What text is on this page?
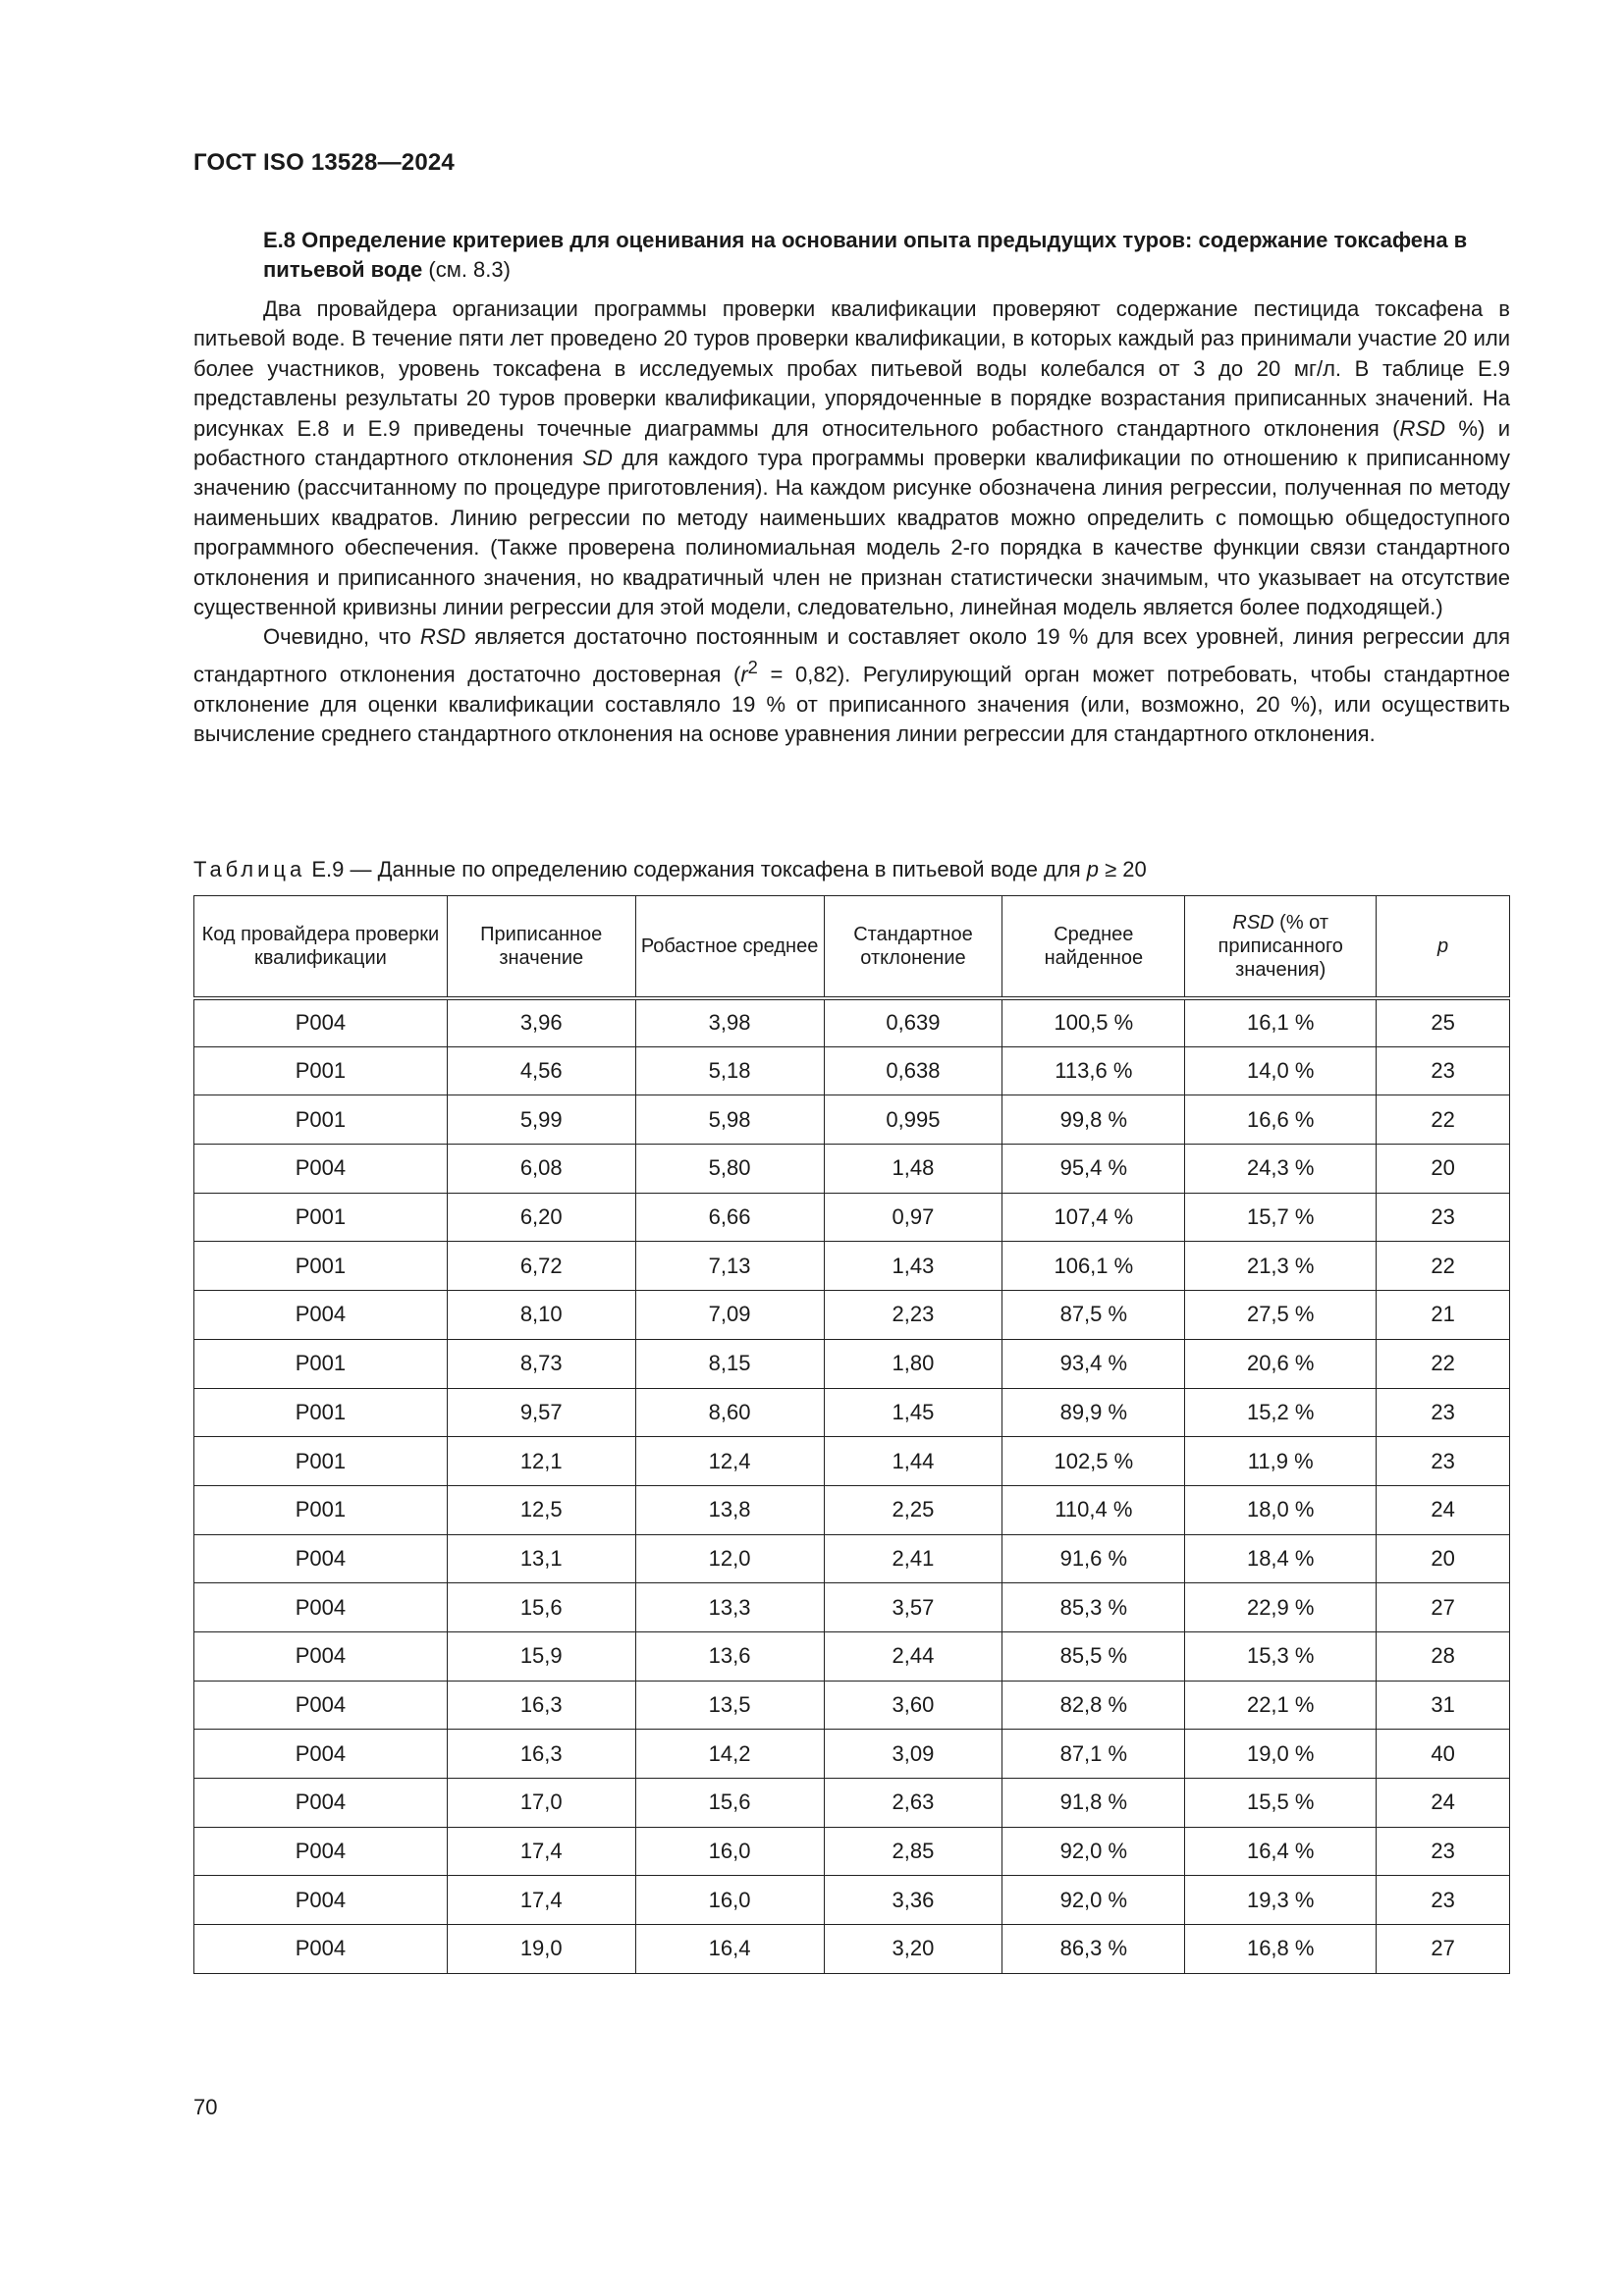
ГОСТ ISO 13528—2024
Е.8 Определение критериев для оценивания на основании опыта предыдущих туров: содержание токсафена в питьевой воде (см. 8.3)

Два провайдера организации программы проверки квалификации проверяют содержание пестицида токсафена в питьевой воде. В течение пяти лет проведено 20 туров проверки квалификации, в которых каждый раз принимали участие 20 или более участников, уровень токсафена в исследуемых пробах питьевой воды колебался от 3 до 20 мг/л. В таблице Е.9 представлены результаты 20 туров проверки квалификации, упорядоченные в порядке возрастания приписанных значений. На рисунках Е.8 и Е.9 приведены точечные диаграммы для относительного робастного стандартного отклонения (RSD %) и робастного стандартного отклонения SD для каждого тура программы проверки квалификации по отношению к приписанному значению (рассчитанному по процедуре приготовления). На каждом рисунке обозначена линия регрессии, полученная по методу наименьших квадратов. Линию регрессии по методу наименьших квадратов можно определить с помощью общедоступного программного обеспечения. (Также проверена полиномиальная модель 2-го порядка в качестве функции связи стандартного отклонения и приписанного значения, но квадратичный член не признан статистически значимым, что указывает на отсутствие существенной кривизны линии регрессии для этой модели, следовательно, линейная модель является более подходящей.)

Очевидно, что RSD является достаточно постоянным и составляет около 19 % для всех уровней, линия регрессии для стандартного отклонения достаточно достоверная $(r^2 = 0,82)$. Регулирующий орган может потребовать, чтобы стандартное отклонение для оценки квалификации составляло 19 % от приписанного значения (или, возможно, 20 %), или осуществить вычисление среднего стандартного отклонения на основе уравнения линии регрессии для стандартного отклонения.

Таблица Е.9 — Данные по определению содержания токсафена в питьевой воде для p ≥ 20
Код провайдера проверки квалификации	Приписанное значение	Робастное среднее	Стандартное отклонение	Среднее найденное	RSD (% от приписанного значения)	p
P004	3,96	3,98	0,639	100,5 %	16,1 %	25
P001	4,56	5,18	0,638	113,6 %	14,0 %	23
P001	5,99	5,98	0,995	99,8 %	16,6 %	22
P004	6,08	5,80	1,48	95,4 %	24,3 %	20
P001	6,20	6,66	0,97	107,4 %	15,7 %	23
P001	6,72	7,13	1,43	106,1 %	21,3 %	22
P004	8,10	7,09	2,23	87,5 %	27,5 %	21
P001	8,73	8,15	1,80	93,4 %	20,6 %	22
P001	9,57	8,60	1,45	89,9 %	15,2 %	23
P001	12,1	12,4	1,44	102,5 %	11,9 %	23
P001	12,5	13,8	2,25	110,4 %	18,0 %	24
P004	13,1	12,0	2,41	91,6 %	18,4 %	20
P004	15,6	13,3	3,57	85,3 %	22,9 %	27
P004	15,9	13,6	2,44	85,5 %	15,3 %	28
P004	16,3	13,5	3,60	82,8 %	22,1 %	31
P004	16,3	14,2	3,09	87,1 %	19,0 %	40
P004	17,0	15,6	2,63	91,8 %	15,5 %	24
P004	17,4	16,0	2,85	92,0 %	16,4 %	23
P004	17,4	16,0	3,36	92,0 %	19,3 %	23
P004	19,0	16,4	3,20	86,3 %	16,8 %	27
70
